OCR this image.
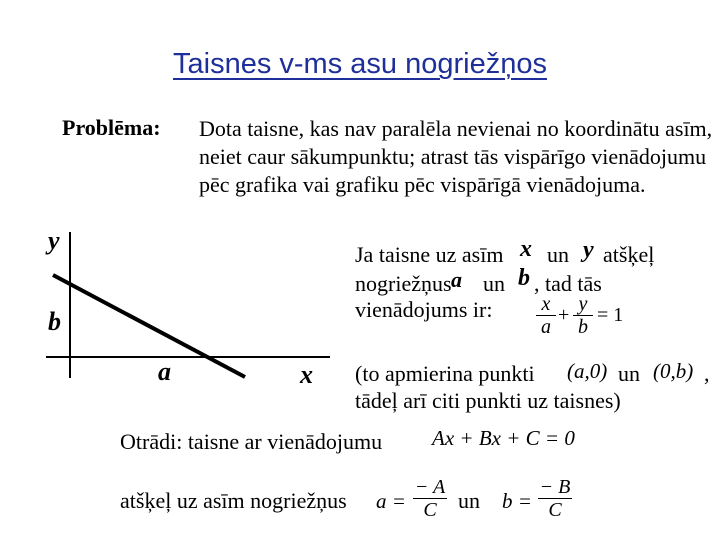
Taisnes v-ms asu nogriežņos
Problēma: Dota taisne, kas nav paralēla nevienai no koordinātu asīm, neiet caur sākumpunktu; atrast tās vispārīgo vienādojumu pēc grafika vai grafiku pēc vispārīgā vienādojuma.
y
x
b
a
Ja taisne uz asīm x un y atšķeļ
nogriežņus a un b , tad tās
vienādojums ir: x
a
+ y
b
= 1
(to apmierina punkti (a,0) un (0,b) ,
tādeļ arī citi punkti uz taisnes)
Otrādi: taisne ar vienādojumu Ax + Bx + C = 0
atšķeļ uz asīm nogriežņus a =
− A
C un b =
− B
C
